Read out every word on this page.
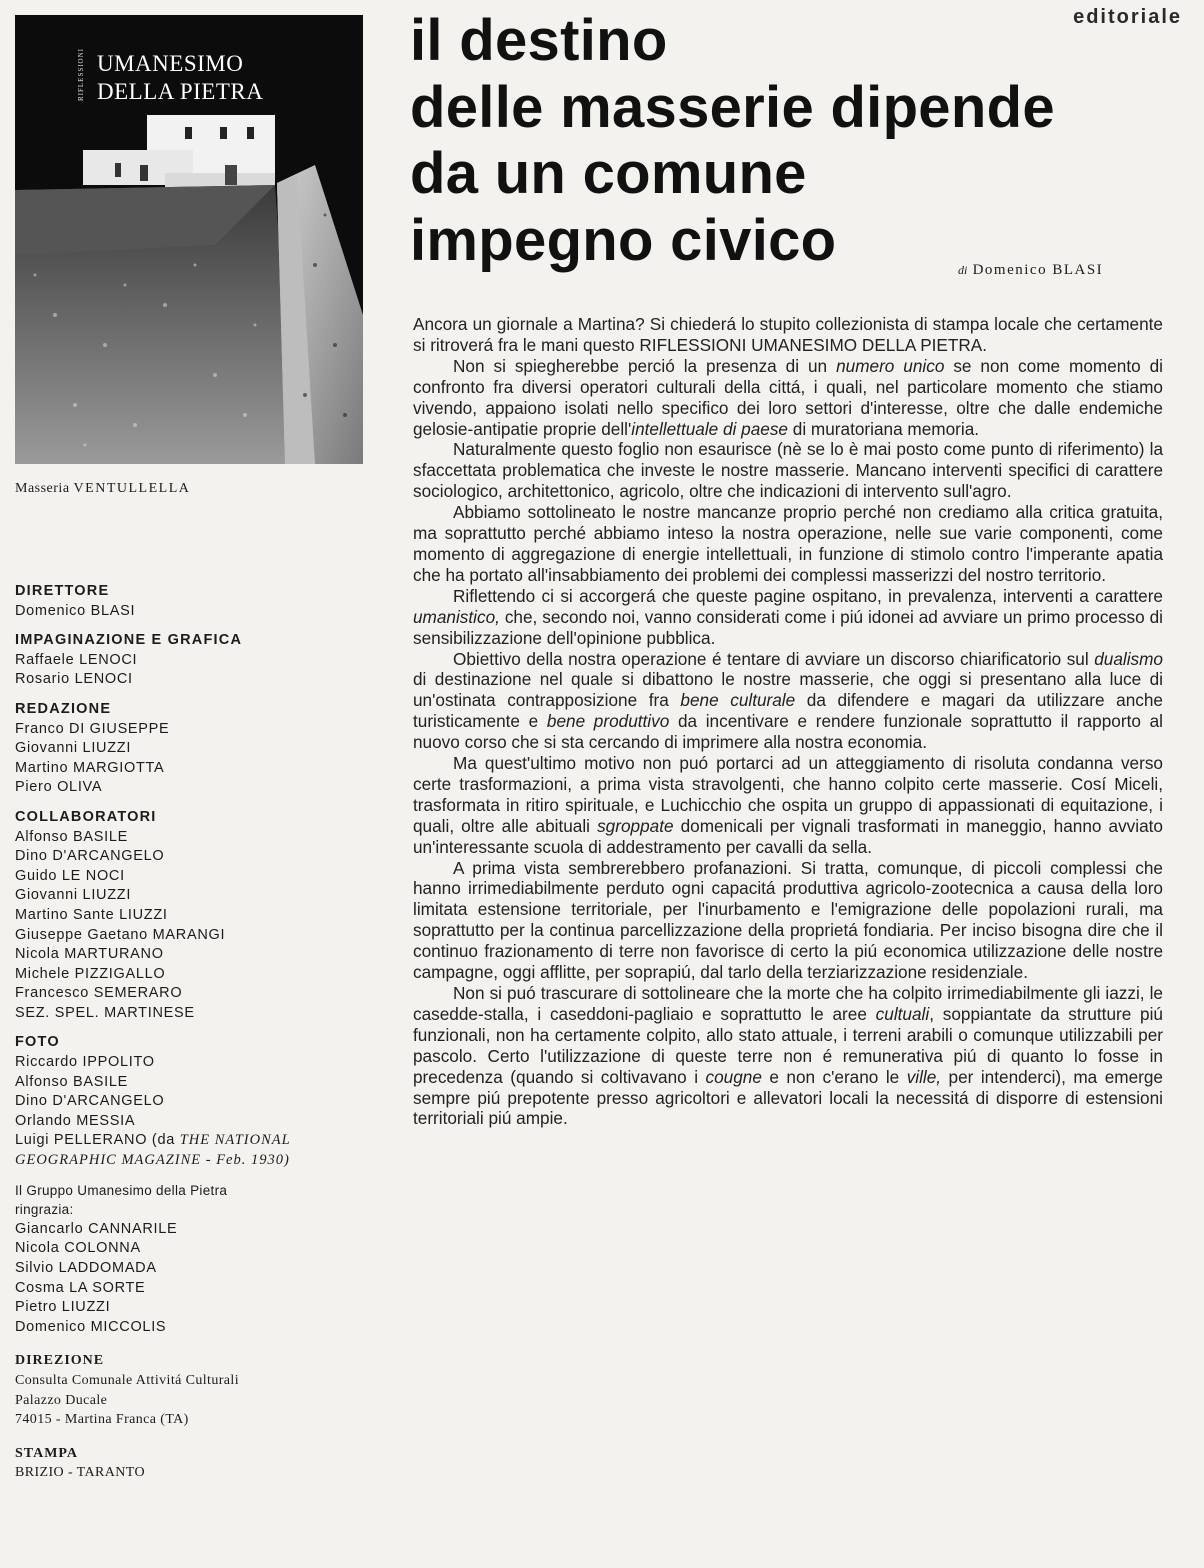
editoriale
RIFLESSIONI UMANESIMO
DELLA PIETRA
Masseria VENTULLELLA
DIRETTORE
Domenico BLASI
IMPAGINAZIONE E GRAFICA
Raffaele LENOCI
Rosario LENOCI
REDAZIONE
Franco DI GIUSEPPE
Giovanni LIUZZI
Martino MARGIOTTA
Piero OLIVA
COLLABORATORI
Alfonso BASILE
Dino D'ARCANGELO
Guido LE NOCI
Giovanni LIUZZI
Martino Sante LIUZZI
Giuseppe Gaetano MARANGI
Nicola MARTURANO
Michele PIZZIGALLO
Francesco SEMERARO
SEZ. SPEL. MARTINESE
FOTO
Riccardo IPPOLITO
Alfonso BASILE
Dino D'ARCANGELO
Orlando MESSIA
Luigi PELLERANO (da THE NATIONAL
GEOGRAPHIC MAGAZINE - Feb. 1930)
Il Gruppo Umanesimo della Pietra
ringrazia:
Giancarlo CANNARILE
Nicola COLONNA
Silvio LADDOMADA
Cosma LA SORTE
Pietro LIUZZI
Domenico MICCOLIS
DIREZIONE
Consulta Comunale Attivitá Culturali
Palazzo Ducale
74015 - Martina Franca (TA)
STAMPA
BRIZIO - TARANTO
il destino
delle masserie dipende
da un comune
impegno civico	di Domenico BLASI

Ancora un giornale a Martina? Si chiederá lo stupito collezionista di stampa locale che certamente si ritroverá fra le mani questo RIFLESSIONI UMANESIMO DELLA PIETRA.

Non si spiegherebbe perció la presenza di un numero unico se non come momento di confronto fra diversi operatori culturali della cittá, i quali, nel particolare momento che stiamo vivendo, appaiono isolati nello specifico dei loro settori d'interesse, oltre che dalle endemiche gelosie-antipatie proprie dell'intellettuale di paese di muratoriana memoria.

Naturalmente questo foglio non esaurisce (nè se lo è mai posto come punto di riferimento) la sfaccettata problematica che investe le nostre masserie. Mancano interventi specifici di carattere sociologico, architettonico, agricolo, oltre che indicazioni di intervento sull'agro.

Abbiamo sottolineato le nostre mancanze proprio perché non crediamo alla critica gratuita, ma soprattutto perché abbiamo inteso la nostra operazione, nelle sue varie componenti, come momento di aggregazione di energie intellettuali, in funzione di stimolo contro l'imperante apatia che ha portato all'insabbiamento dei problemi dei complessi masserizzi del nostro territorio.

Riflettendo ci si accorgerá che queste pagine ospitano, in prevalenza, interventi a carattere umanistico, che, secondo noi, vanno considerati come i piú idonei ad avviare un primo processo di sensibilizzazione dell'opinione pubblica.

Obiettivo della nostra operazione é tentare di avviare un discorso chiarificatorio sul dualismo di destinazione nel quale si dibattono le nostre masserie, che oggi si presentano alla luce di un'ostinata contrapposizione fra bene culturale da difendere e magari da utilizzare anche turisticamente e bene produttivo da incentivare e rendere funzionale soprattutto il rapporto al nuovo corso che si sta cercando di imprimere alla nostra economia.

Ma quest'ultimo motivo non puó portarci ad un atteggiamento di risoluta condanna verso certe trasformazioni, a prima vista stravolgenti, che hanno colpito certe masserie. Cosí Miceli, trasformata in ritiro spirituale, e Luchicchio che ospita un gruppo di appassionati di equitazione, i quali, oltre alle abituali sgroppate domenicali per vignali trasformati in maneggio, hanno avviato un'interessante scuola di addestramento per cavalli da sella.

A prima vista sembrerebbero profanazioni. Si tratta, comunque, di piccoli complessi che hanno irrimediabilmente perduto ogni capacitá produttiva agricolo-zootecnica a causa della loro limitata estensione territoriale, per l'inurbamento e l'emigrazione delle popolazioni rurali, ma soprattutto per la continua parcellizzazione della proprietá fondiaria. Per inciso bisogna dire che il continuo frazionamento di terre non favorisce di certo la piú economica utilizzazione delle nostre campagne, oggi afflitte, per soprapiú, dal tarlo della terziarizzazione residenziale.

Non si puó trascurare di sottolineare che la morte che ha colpito irrimediabilmente gli iazzi, le casedde-stalla, i caseddoni-pagliaio e soprattutto le aree cultuali, soppiantate da strutture piú funzionali, non ha certamente colpito, allo stato attuale, i terreni arabili o comunque utilizzabili per pascolo. Certo l'utilizzazione di queste terre non é remunerativa piú di quanto lo fosse in precedenza (quando si coltivavano i cougne e non c'erano le ville, per intenderci), ma emerge sempre piú prepotente presso agricoltori e allevatori locali la necessitá di disporre di estensioni territoriali piú ampie.
